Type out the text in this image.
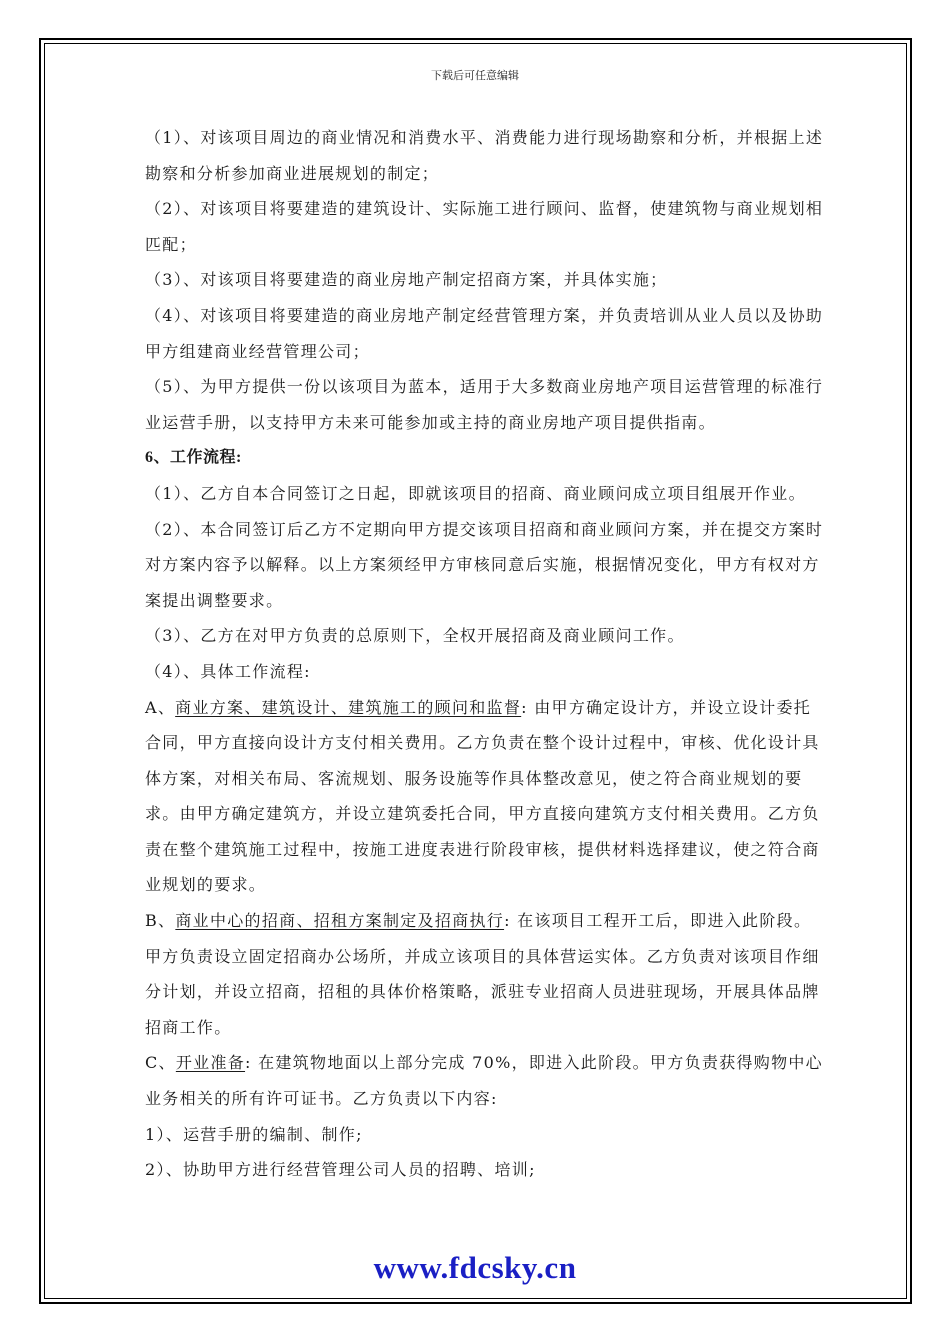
下载后可任意编辑

（1）、对该项目周边的商业情况和消费水平、消费能力进行现场勘察和分析，并根据上述勘察和分析参加商业进展规划的制定；

（2）、对该项目将要建造的建筑设计、实际施工进行顾问、监督，使建筑物与商业规划相匹配；

（3）、对该项目将要建造的商业房地产制定招商方案，并具体实施；

（4）、对该项目将要建造的商业房地产制定经营管理方案，并负责培训从业人员以及协助甲方组建商业经营管理公司；

（5）、为甲方提供一份以该项目为蓝本，适用于大多数商业房地产项目运营管理的标准行业运营手册，以支持甲方未来可能参加或主持的商业房地产项目提供指南。

6、工作流程:

（1）、乙方自本合同签订之日起，即就该项目的招商、商业顾问成立项目组展开作业。

（2）、本合同签订后乙方不定期向甲方提交该项目招商和商业顾问方案，并在提交方案时对方案内容予以解释。以上方案须经甲方审核同意后实施，根据情况变化，甲方有权对方案提出调整要求。

（3）、乙方在对甲方负责的总原则下，全权开展招商及商业顾问工作。

（4）、具体工作流程:

A、商业方案、建筑设计、建筑施工的顾问和监督: 由甲方确定设计方，并设立设计委托合同，甲方直接向设计方支付相关费用。乙方负责在整个设计过程中，审核、优化设计具体方案，对相关布局、客流规划、服务设施等作具体整改意见，使之符合商业规划的要求。由甲方确定建筑方，并设立建筑委托合同，甲方直接向建筑方支付相关费用。乙方负责在整个建筑施工过程中，按施工进度表进行阶段审核，提供材料选择建议，使之符合商业规划的要求。

B、商业中心的招商、招租方案制定及招商执行: 在该项目工程开工后，即进入此阶段。甲方负责设立固定招商办公场所，并成立该项目的具体营运实体。乙方负责对该项目作细分计划，并设立招商，招租的具体价格策略，派驻专业招商人员进驻现场，开展具体品牌招商工作。

C、开业准备: 在建筑物地面以上部分完成 70%，即进入此阶段。甲方负责获得购物中心业务相关的所有许可证书。乙方负责以下内容:

1）、运营手册的编制、制作;

2）、协助甲方进行经营管理公司人员的招聘、培训;

www.fdcsky.cn
